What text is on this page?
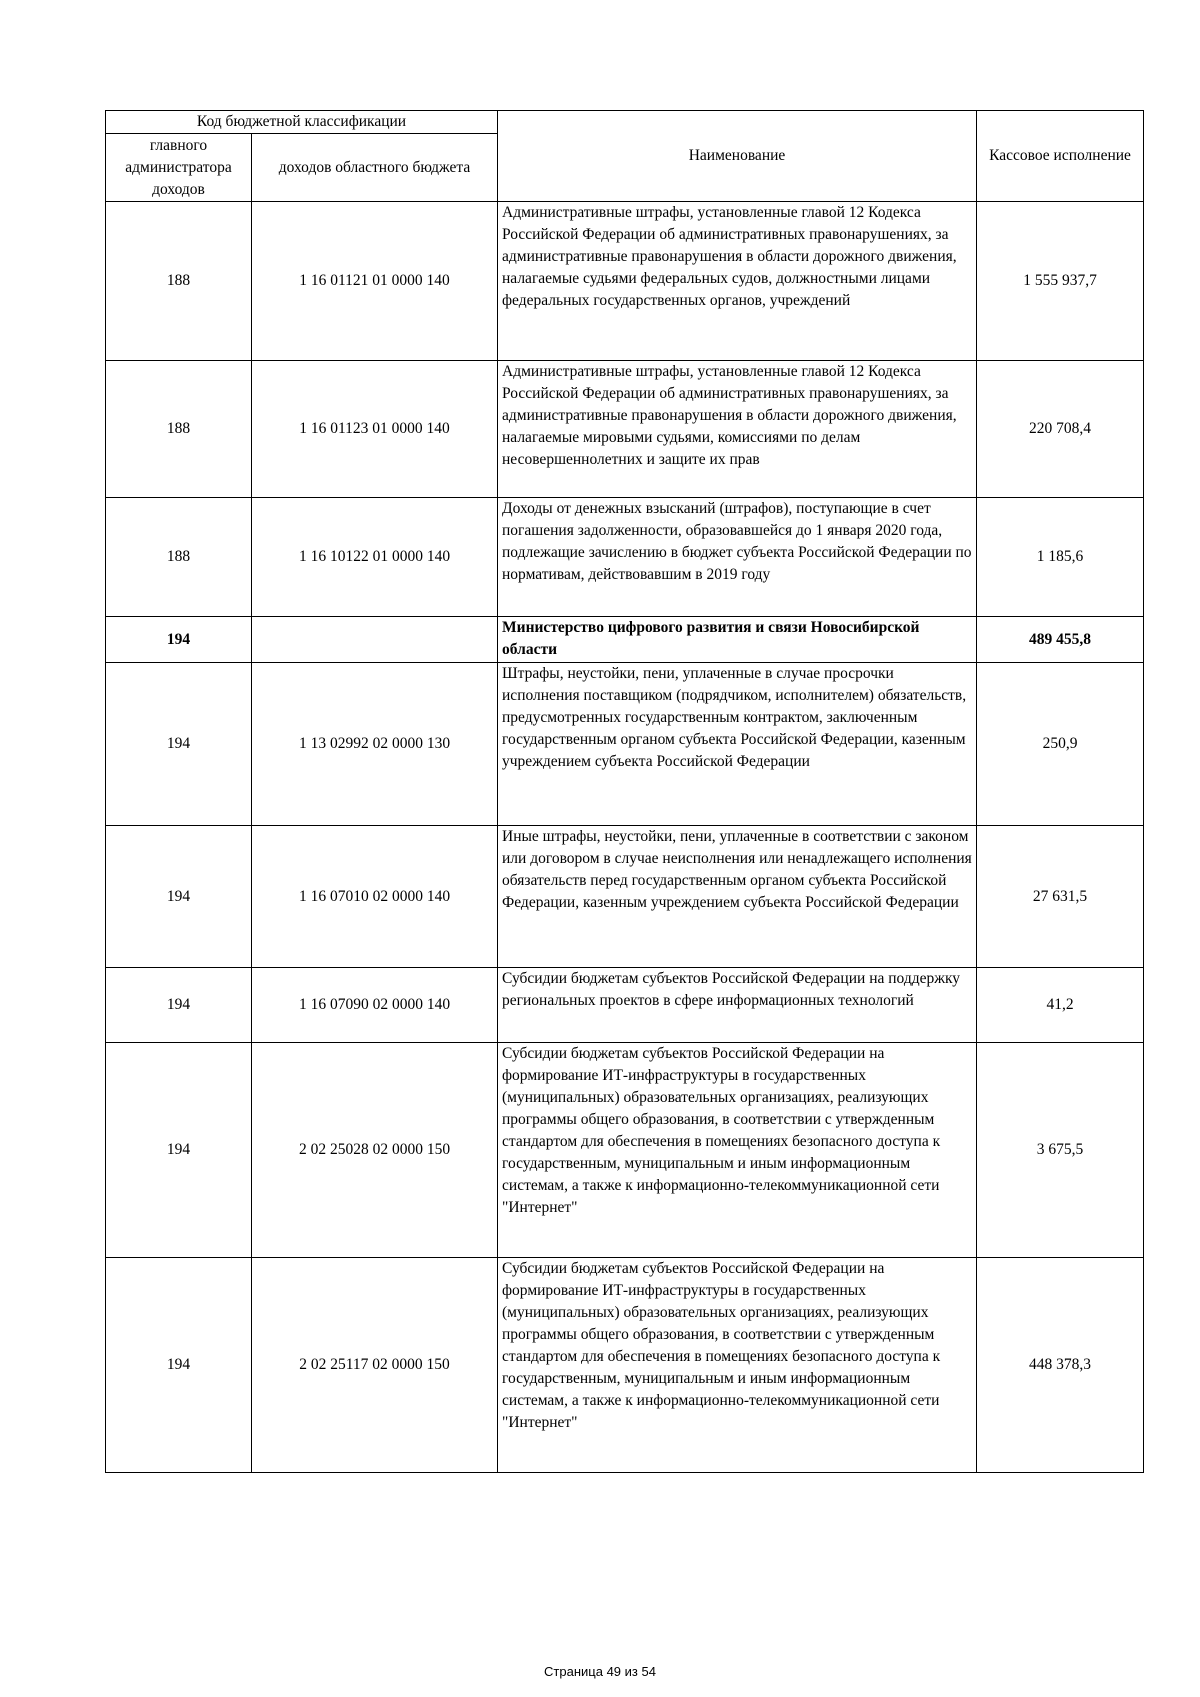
Код бюджетной классификации		Наименование	Кассовое исполнение
главного администратора доходов	доходов областного бюджета		
188	1 16 01121 01 0000 140	Административные штрафы, установленные главой 12 Кодекса Российской Федерации об административных правонарушениях, за административные правонарушения в области дорожного движения, налагаемые судьями федеральных судов, должностными лицами федеральных государственных органов, учреждений	1 555 937,7
188	1 16 01123 01 0000 140	Административные штрафы, установленные главой 12 Кодекса Российской Федерации об административных правонарушениях, за административные правонарушения в области дорожного движения, налагаемые мировыми судьями, комиссиями по делам несовершеннолетних и защите их прав	220 708,4
188	1 16 10122 01 0000 140	Доходы от денежных взысканий (штрафов), поступающие в счет погашения задолженности, образовавшейся до 1 января 2020 года, подлежащие зачислению в бюджет субъекта Российской Федерации по нормативам, действовавшим в 2019 году	1 185,6
194		Министерство цифрового развития и связи Новосибирской области	489 455,8
194	1 13 02992 02 0000 130	Штрафы, неустойки, пени, уплаченные в случае просрочки исполнения поставщиком (подрядчиком, исполнителем) обязательств, предусмотренных государственным контрактом, заключенным государственным органом субъекта Российской Федерации, казенным учреждением субъекта Российской Федерации	250,9
194	1 16 07010 02 0000 140	Иные штрафы, неустойки, пени, уплаченные в соответствии с законом или договором в случае неисполнения или ненадлежащего исполнения обязательств перед государственным органом субъекта Российской Федерации, казенным учреждением субъекта Российской Федерации	27 631,5
194	1 16 07090 02 0000 140	Субсидии бюджетам субъектов Российской Федерации на поддержку региональных проектов в сфере информационных технологий	41,2
194	2 02 25028 02 0000 150	Субсидии бюджетам субъектов Российской Федерации на формирование ИТ-инфраструктуры в государственных (муниципальных) образовательных организациях, реализующих программы общего образования, в соответствии с утвержденным стандартом для обеспечения в помещениях безопасного доступа к государственным, муниципальным и иным информационным системам, а также к информационно-телекоммуникационной сети "Интернет"	3 675,5
194	2 02 25117 02 0000 150	Субсидии бюджетам субъектов Российской Федерации на формирование ИТ-инфраструктуры в государственных (муниципальных) образовательных организациях, реализующих программы общего образования, в соответствии с утвержденным стандартом для обеспечения в помещениях безопасного доступа к государственным, муниципальным и иным информационным системам, а также к информационно-телекоммуникационной сети "Интернет"	448 378,3
Страница 49 из 54
